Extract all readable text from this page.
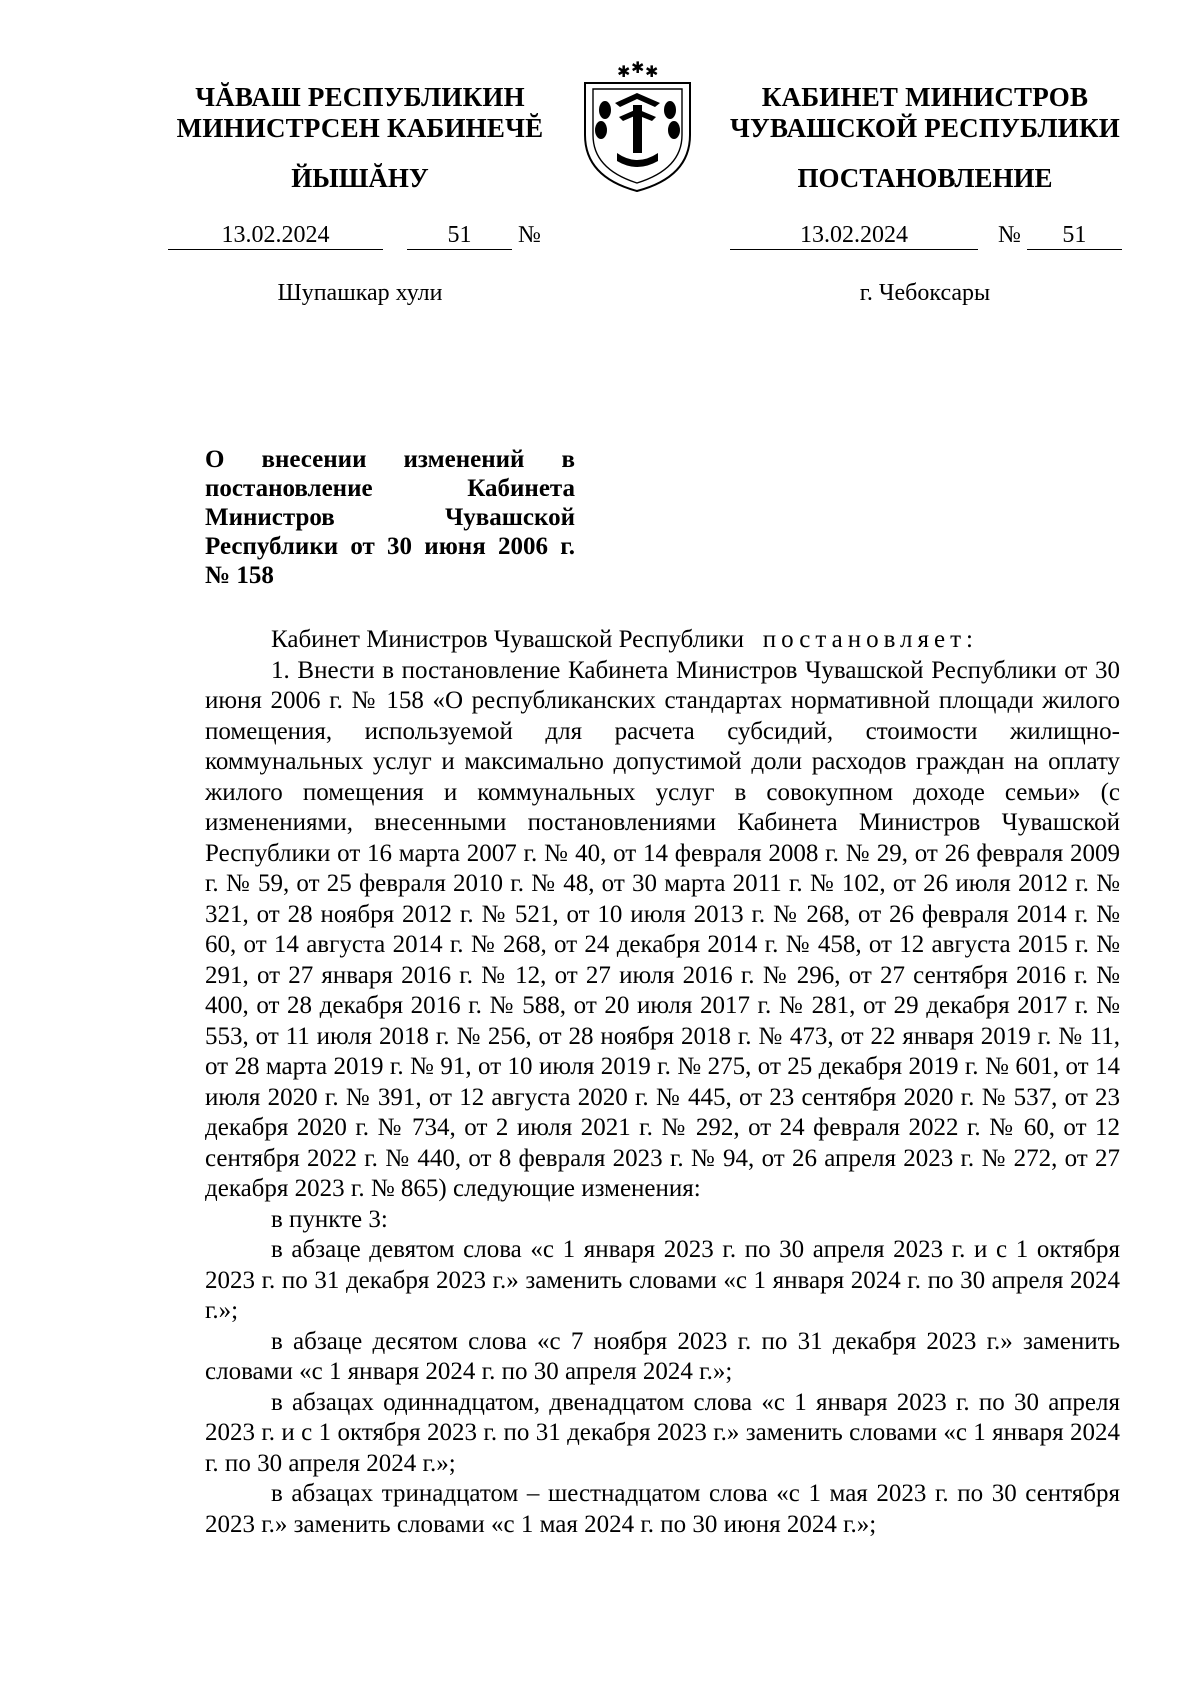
ЧĂВАШ РЕСПУБЛИКИН
МИНИСТРСЕН КАБИНЕЧĔ
КАБИНЕТ МИНИСТРОВ
ЧУВАШСКОЙ РЕСПУБЛИКИ
✱ ✱ ✱
ЙЫШĂНУ	ПОСТАНОВЛЕНИЕ
13.02.2024	51 №	13.02.2024	№ 51
Шупашкар хули	г. Чебоксары
О внесении изменений в постановление Кабинета Министров Чувашской Республики от 30 июня 2006 г. № 158

Кабинет Министров Чувашской Республики постановляет:

1. Внести в постановление Кабинета Министров Чувашской Республики от 30 июня 2006 г. № 158 «О республиканских стандартах нормативной площади жилого помещения, используемой для расчета субсидий, стоимости жилищно-коммунальных услуг и максимально допустимой доли расходов граждан на оплату жилого помещения и коммунальных услуг в совокупном доходе семьи» (с изменениями, внесенными постановлениями Кабинета Министров Чувашской Республики от 16 марта 2007 г. № 40, от 14 февраля 2008 г. № 29, от 26 февраля 2009 г. № 59, от 25 февраля 2010 г. № 48, от 30 марта 2011 г. № 102, от 26 июля 2012 г. № 321, от 28 ноября 2012 г. № 521, от 10 июля 2013 г. № 268, от 26 февраля 2014 г. № 60, от 14 августа 2014 г. № 268, от 24 декабря 2014 г. № 458, от 12 августа 2015 г. № 291, от 27 января 2016 г. № 12, от 27 июля 2016 г. № 296, от 27 сентября 2016 г. № 400, от 28 декабря 2016 г. № 588, от 20 июля 2017 г. № 281, от 29 декабря 2017 г. № 553, от 11 июля 2018 г. № 256, от 28 ноября 2018 г. № 473, от 22 января 2019 г. № 11, от 28 марта 2019 г. № 91, от 10 июля 2019 г. № 275, от 25 декабря 2019 г. № 601, от 14 июля 2020 г. № 391, от 12 августа 2020 г. № 445, от 23 сентября 2020 г. № 537, от 23 декабря 2020 г. № 734, от 2 июля 2021 г. № 292, от 24 февраля 2022 г. № 60, от 12 сентября 2022 г. № 440, от 8 февраля 2023 г. № 94, от 26 апреля 2023 г. № 272, от 27 декабря 2023 г. № 865) следующие изменения:

в пункте 3:

в абзаце девятом слова «с 1 января 2023 г. по 30 апреля 2023 г. и с 1 октября 2023 г. по 31 декабря 2023 г.» заменить словами «с 1 января 2024 г. по 30 апреля 2024 г.»;

в абзаце десятом слова «с 7 ноября 2023 г. по 31 декабря 2023 г.» заменить словами «с 1 января 2024 г. по 30 апреля 2024 г.»;

в абзацах одиннадцатом, двенадцатом слова «с 1 января 2023 г. по 30 апреля 2023 г. и с 1 октября 2023 г. по 31 декабря 2023 г.» заменить словами «с 1 января 2024 г. по 30 апреля 2024 г.»;

в абзацах тринадцатом – шестнадцатом слова «с 1 мая 2023 г. по 30 сентября 2023 г.» заменить словами «с 1 мая 2024 г. по 30 июня 2024 г.»;
